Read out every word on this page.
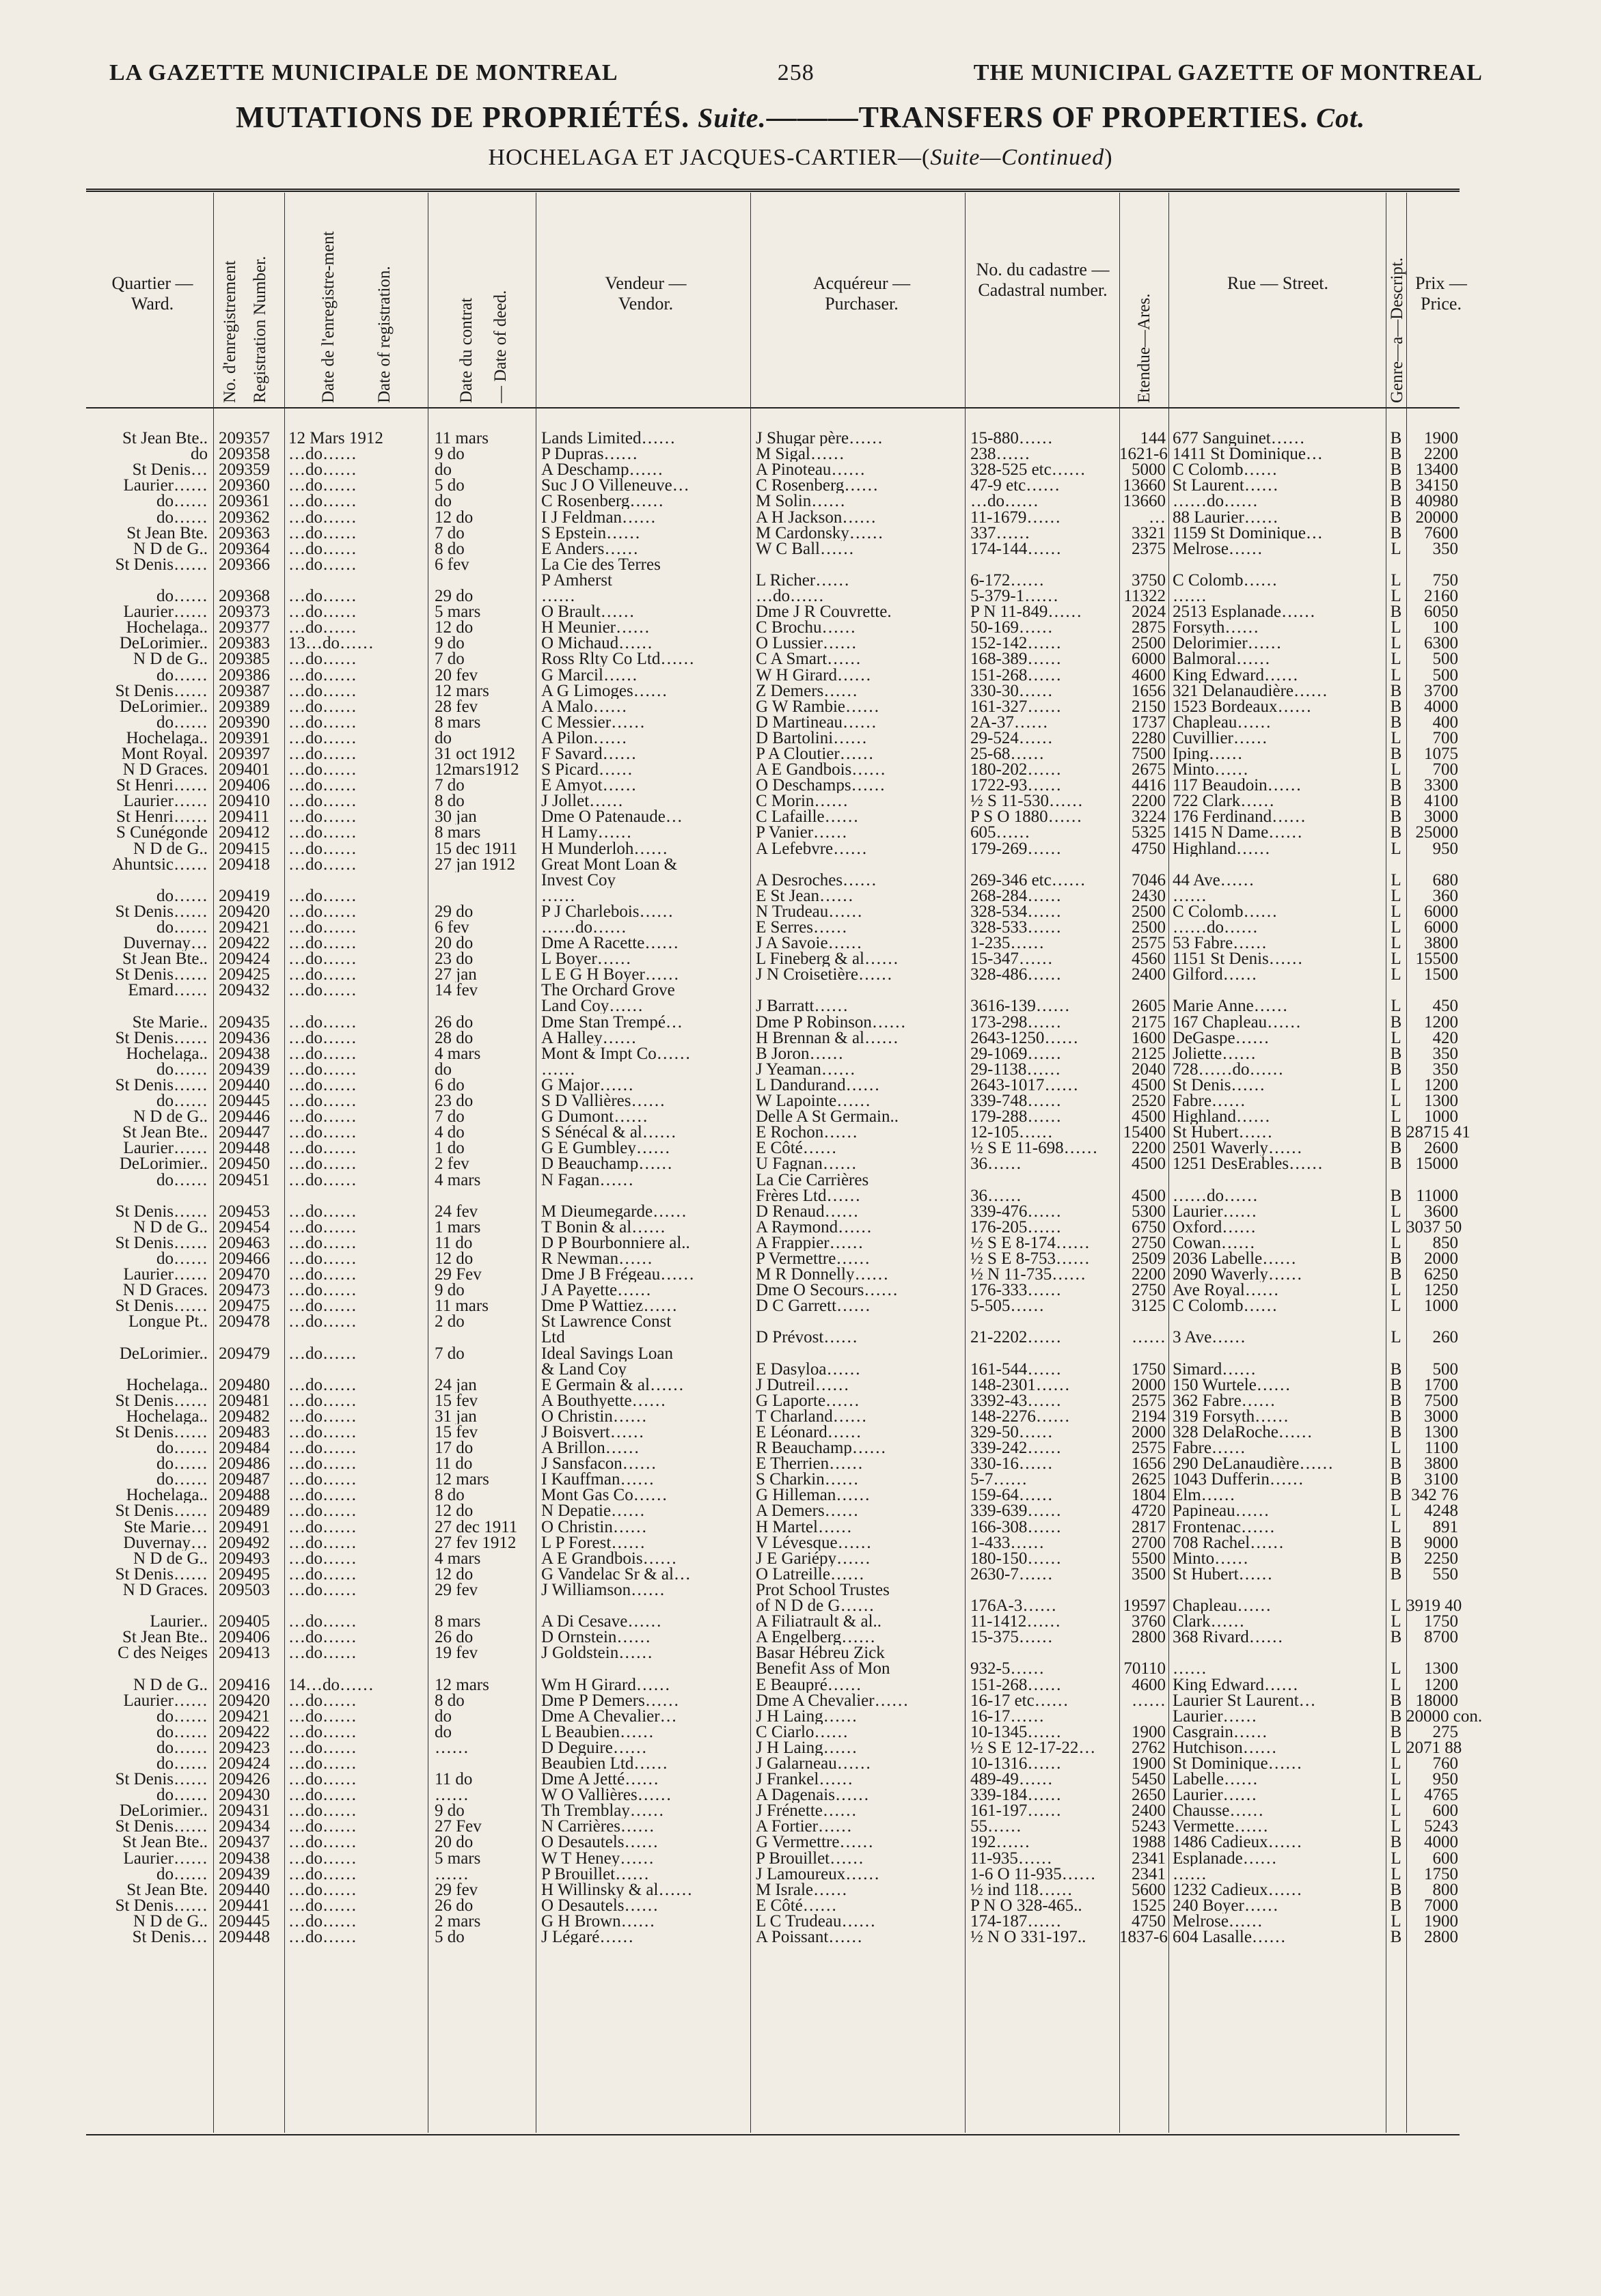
LA GAZETTE MUNICIPALE DE MONTREAL	258	THE MUNICIPAL GAZETTE OF MONTREAL
MUTATIONS DE PROPRIÉTÉS. Suite.———TRANSFERS OF PROPERTIES. Cot.
HOCHELAGA ET JACQUES-CARTIER—(Suite—Continued)
Quartier — Ward.	No. d'enregistrement Registration Number.	Date de l'enregistre-ment	Date of registration.	Date du contrat — Date of deed.
Vendeur — Vendor.
Acquéreur — Purchaser.
No. du cadastre — Cadastral number.
Etendue—Ares.
Rue — Street.	Genre—a—Descript. Prix — Price.
St Jean Bte.. 209357	12 Mars 1912	11 mars	Lands Limited……	J Shugar père……	15-880……	144 677 Sanguinet……	B	1900
do 209358	…do……	9 do	P Dupras……	M Sigal……	238……	1621-6 1411 St Dominique…	B	2200
St Denis… 209359	…do……	do	A Deschamp……	A Pinoteau……	328-525 etc……	5000 C Colomb……	B 13400
Laurier…… 209360	…do……	5 do	Suc J O Villeneuve…	C Rosenberg……	47-9 etc……	13660 St Laurent……	B 34150
do…… 209361	…do……	do	C Rosenberg……	M Solin……	…do……	13660 ……do……	B 40980
do…… 209362	…do……	12 do	I J Feldman……	A H Jackson……	11-1679……	… 88 Laurier……	B 20000
St Jean Bte. 209363	…do……	7 do	S Epstein……	M Cardonsky……	337……	3321 1159 St Dominique…	B	7600
N D de G.. 209364	…do……	8 do	E Anders……	W C Ball……	174-144……	2375 Melrose……	L	350
St Denis…… 209366	…do……	6 fev	La Cie des Terres
P Amherst	L Richer……	6-172……	3750 C Colomb……	L	750
do…… 209368	…do……	29 do	……	…do……	5-379-1……	11322 ……	L	2160
Laurier…… 209373	…do……	5 mars	O Brault……	Dme J R Couvrette.	P N 11-849……	2024 2513 Esplanade……	B	6050
Hochelaga.. 209377	…do……	12 do	H Meunier……	C Brochu……	50-169……	2875 Forsyth……	L	100
DeLorimier.. 209383	13…do……	9 do	O Michaud……	O Lussier……	152-142……	2500 Delorimier……	L	6300
N D de G.. 209385	…do……	7 do	Ross Rlty Co Ltd……	C A Smart……	168-389……	6000 Balmoral……	L	500
do…… 209386	…do……	20 fev	G Marcil……	W H Girard……	151-268……	4600 King Edward……	L	500
St Denis…… 209387	…do……	12 mars	A G Limoges……	Z Demers……	330-30……	1656 321 Delanaudière……	B	3700
DeLorimier.. 209389	…do……	28 fev	A Malo……	G W Rambie……	161-327……	2150 1523 Bordeaux……	B	4000
do…… 209390	…do……	8 mars	C Messier……	D Martineau……	2A-37……	1737 Chapleau……	B	400
Hochelaga.. 209391	…do……	do	A Pilon……	D Bartolini……	29-524……	2280 Cuvillier……	L	700
Mont Royal. 209397	…do……	31 oct 1912	F Savard……	P A Cloutier……	25-68……	7500 Iping……	B	1075
N D Graces. 209401	…do……	12mars1912	S Picard……	A E Gandbois……	180-202……	2675 Minto……	L	700
St Henri…… 209406	…do……	7 do	E Amyot……	O Deschamps……	1722-93……	4416 117 Beaudoin……	B	3300
Laurier…… 209410	…do……	8 do	J Jollet……	C Morin……	½ S 11-530……	2200 722 Clark……	B	4100
St Henri…… 209411	…do……	30 jan	Dme O Patenaude…	C Lafaille……	P S O 1880……	3224 176 Ferdinand……	B	3000
S Cunégonde 209412	…do……	8 mars	H Lamy……	P Vanier……	605……	5325 1415 N Dame……	B 25000
N D de G.. 209415	…do……	15 dec 1911	H Munderloh……	A Lefebvre……	179-269……	4750 Highland……	L	950
Ahuntsic…… 209418	…do……	27 jan 1912	Great Mont Loan &
Invest Coy	A Desroches……	269-346 etc……	7046 44 Ave……	L	680
do…… 209419	…do……	……	E St Jean……	268-284……	2430 ……	L	360
St Denis…… 209420	…do……	29 do	P J Charlebois……	N Trudeau……	328-534……	2500 C Colomb……	L	6000
do…… 209421	…do……	6 fev	……do……	E Serres……	328-533……	2500 ……do……	L	6000
Duvernay… 209422	…do……	20 do	Dme A Racette……	J A Savoie……	1-235……	2575 53 Fabre……	L	3800
St Jean Bte.. 209424	…do……	23 do	L Boyer……	L Fineberg & al……	15-347……	4560 1151 St Denis……	L 15500
St Denis…… 209425	…do……	27 jan	L E G H Boyer……	J N Croisetière……	328-486……	2400 Gilford……	L	1500
Emard…… 209432	…do……	14 fev	The Orchard Grove
Land Coy……	J Barratt……	3616-139……	2605 Marie Anne……	L	450
Ste Marie.. 209435	…do……	26 do	Dme Stan Trempé…	Dme P Robinson……	173-298……	2175 167 Chapleau……	B	1200
St Denis…… 209436	…do……	28 do	A Halley……	H Brennan & al……	2643-1250……	1600 DeGaspe……	L	420
Hochelaga.. 209438	…do……	4 mars	Mont & Impt Co……	B Joron……	29-1069……	2125 Joliette……	B	350
do…… 209439	…do……	do	……	J Yeaman……	29-1138……	2040 728……do……	B	350
St Denis…… 209440	…do……	6 do	G Major……	L Dandurand……	2643-1017……	4500 St Denis……	L	1200
do…… 209445	…do……	23 do	S D Vallières……	W Lapointe……	339-748……	2520 Fabre……	L	1300
N D de G.. 209446	…do……	7 do	G Dumont……	Delle A St Germain..	179-288……	4500 Highland……	L	1000
St Jean Bte.. 209447	…do……	4 do	S Sénécal & al……	E Rochon……	12-105……	15400 St Hubert……	B 28715 41
Laurier…… 209448	…do……	1 do	G E Gumbley……	E Côté……	½ S E 11-698……	2200 2501 Waverly……	B	2600
DeLorimier.. 209450	…do……	2 fev	D Beauchamp……	U Fagnan……	36……	4500 1251 DesErables……	B 15000
do…… 209451	…do……	4 mars	N Fagan……	La Cie Carrières
Frères Ltd……	36……	4500 ……do……	B 11000
St Denis…… 209453	…do……	24 fev	M Dieumegarde……	D Renaud……	339-476……	5300 Laurier……	L	3600
N D de G.. 209454	…do……	1 mars	T Bonin & al……	A Raymond……	176-205……	6750 Oxford……	L 3037 50
St Denis…… 209463	…do……	11 do	D P Bourbonniere al..	A Frappier……	½ S E 8-174……	2750 Cowan……	L	850
do…… 209466	…do……	12 do	R Newman……	P Vermettre……	½ S E 8-753……	2509 2036 Labelle……	B	2000
Laurier…… 209470	…do……	29 Fev	Dme J B Frégeau……	M R Donnelly……	½ N 11-735……	2200 2090 Waverly……	B	6250
N D Graces. 209473	…do……	9 do	J A Payette……	Dme O Secours……	176-333……	2750 Ave Royal……	L	1250
St Denis…… 209475	…do……	11 mars	Dme P Wattiez……	D C Garrett……	5-505……	3125 C Colomb……	L	1000
Longue Pt.. 209478	…do……	2 do	St Lawrence Const
Ltd	D Prévost……	21-2202……	…… 3 Ave……	L	260
DeLorimier.. 209479	…do……	7 do	Ideal Savings Loan
& Land Coy	E Dasyloa……	161-544……	1750 Simard……	B	500
Hochelaga.. 209480	…do……	24 jan	E Germain & al……	J Dutreil……	148-2301……	2000 150 Wurtele……	B	1700
St Denis…… 209481	…do……	15 fev	A Bouthyette……	G Laporte……	3392-43……	2575 362 Fabre……	B	7500
Hochelaga.. 209482	…do……	31 jan	O Christin……	T Charland……	148-2276……	2194 319 Forsyth……	B	3000
St Denis…… 209483	…do……	15 fev	J Boisvert……	E Léonard……	329-50……	2000 328 DelaRoche……	B	1300
do…… 209484	…do……	17 do	A Brillon……	R Beauchamp……	339-242……	2575 Fabre……	L	1100
do…… 209486	…do……	11 do	J Sansfacon……	E Therrien……	330-16……	1656 290 DeLanaudière……	B	3800
do…… 209487	…do……	12 mars	I Kauffman……	S Charkin……	5-7……	2625 1043 Dufferin……	B	3100
Hochelaga.. 209488	…do……	8 do	Mont Gas Co……	G Hilleman……	159-64……	1804 Elm……	B 342 76
St Denis…… 209489	…do……	12 do	N Depatie……	A Demers……	339-639……	4720 Papineau……	L	4248
Ste Marie… 209491	…do……	27 dec 1911	O Christin……	H Martel……	166-308……	2817 Frontenac……	L	891
Duvernay… 209492	…do……	27 fev 1912	L P Forest……	V Lévesque……	1-433……	2700 708 Rachel……	B	9000
N D de G.. 209493	…do……	4 mars	A E Grandbois……	J E Gariépy……	180-150……	5500 Minto……	B	2250
St Denis…… 209495	…do……	12 do	G Vandelac Sr & al…	O Latreille……	2630-7……	3500 St Hubert……	B	550
N D Graces. 209503	…do……	29 fev	J Williamson……	Prot School Trustes
of N D de G……	176A-3……	19597 Chapleau……	L 3919 40
Laurier.. 209405	…do……	8 mars	A Di Cesave……	A Filiatrault & al..	11-1412……	3760 Clark……	L	1750
St Jean Bte.. 209406	…do……	26 do	D Ornstein……	A Engelberg……	15-375……	2800 368 Rivard……	B	8700
C des Neiges 209413	…do……	19 fev	J Goldstein……	Basar Hébreu Zick
Benefit Ass of Mon	932-5……	70110 ……	L	1300
N D de G.. 209416	14…do……	12 mars	Wm H Girard……	E Beaupré……	151-268……	4600 King Edward……	L	1200
Laurier…… 209420	…do……	8 do	Dme P Demers……	Dme A Chevalier……	16-17 etc……	…… Laurier St Laurent…	B 18000
do…… 209421	…do……	do	Dme A Chevalier…	J H Laing……	16-17……	Laurier……	B 20000 con.
do…… 209422	…do……	do	L Beaubien……	C Ciarlo……	10-1345……	1900 Casgrain……	B	275
do…… 209423	…do……	……	D Deguire……	J H Laing……	½ S E 12-17-22…	2762 Hutchison……	L 2071 88
do…… 209424	…do……	Beaubien Ltd……	J Galarneau……	10-1316……	1900 St Dominique……	L	760
St Denis…… 209426	…do……	11 do	Dme A Jetté……	J Frankel……	489-49……	5450 Labelle……	L	950
do…… 209430	…do……	……	W O Vallières……	A Dagenais……	339-184……	2650 Laurier……	L	4765
DeLorimier.. 209431	…do……	9 do	Th Tremblay……	J Frénette……	161-197……	2400 Chausse……	L	600
St Denis…… 209434	…do……	27 Fev	N Carrières……	A Fortier……	55……	5243 Vermette……	L	5243
St Jean Bte.. 209437	…do……	20 do	O Desautels……	G Vermettre……	192……	1988 1486 Cadieux……	B	4000
Laurier…… 209438	…do……	5 mars	W T Heney……	P Brouillet……	11-935……	2341 Esplanade……	L	600
do…… 209439	…do……	……	P Brouillet……	J Lamoureux……	1-6 O 11-935……	2341 ……	L	1750
St Jean Bte. 209440	…do……	29 fev	H Willinsky & al……	M Israle……	½ ind 118……	5600 1232 Cadieux……	B	800
St Denis…… 209441	…do……	26 do	O Desautels……	E Côté……	P N O 328-465..	1525 240 Boyer……	B	7000
N D de G.. 209445	…do……	2 mars	G H Brown……	L C Trudeau……	174-187……	4750 Melrose……	L	1900
St Denis… 209448	…do……	5 do	J Légaré……	A Poissant……	½ N O 331-197..	1837-6 604 Lasalle……	B	2800
